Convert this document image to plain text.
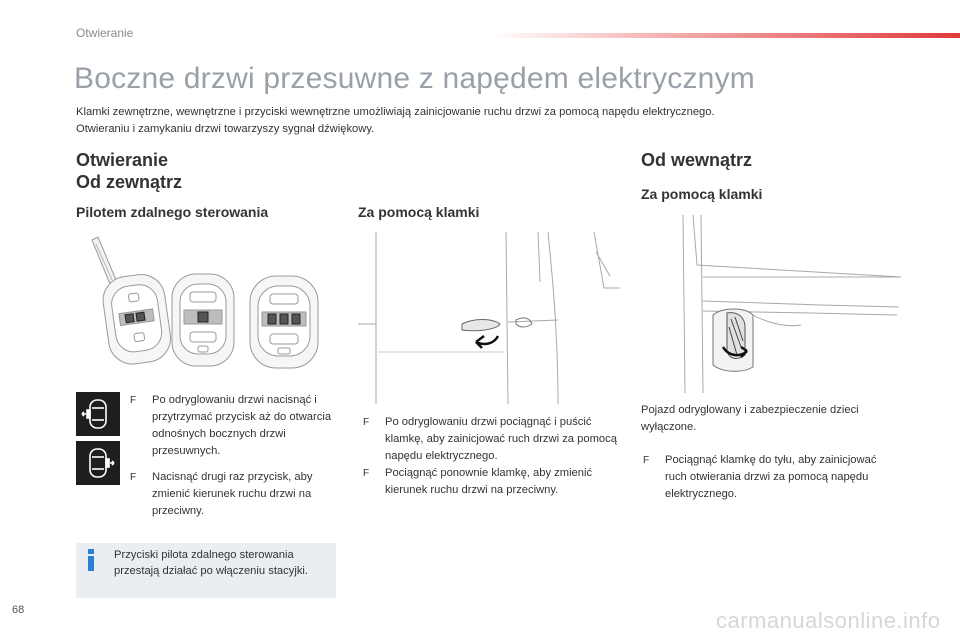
Otwieranie
Boczne drzwi przesuwne z napędem elektrycznym
Klamki zewnętrzne, wewnętrzne i przyciski wewnętrzne umożliwiają zainicjowanie ruchu drzwi za pomocą napędu elektrycznego.
Otwieraniu i zamykaniu drzwi towarzyszy sygnał dźwiękowy.
Otwieranie
Od zewnątrz
Pilotem zdalnego sterowania
F Po odryglowaniu drzwi nacisnąć i przytrzymać przycisk aż do otwarcia odnośnych bocznych drzwi przesuwnych.
F Nacisnąć drugi raz przycisk, aby zmienić kierunek ruchu drzwi na przeciwny.
Przyciski pilota zdalnego sterowania przestają działać po włączeniu stacyjki.
Za pomocą klamki
F Po odryglowaniu drzwi pociągnąć i puścić klamkę, aby zainicjować ruch drzwi za pomocą napędu elektrycznego.
F Pociągnąć ponownie klamkę, aby zmienić kierunek ruchu drzwi na przeciwny.
Od wewnątrz
Za pomocą klamki
Pojazd odryglowany i zabezpieczenie dzieci wyłączone.
F Pociągnąć klamkę do tyłu, aby zainicjować ruch otwierania drzwi za pomocą napędu elektrycznego.
68	carmanualsonline.info
